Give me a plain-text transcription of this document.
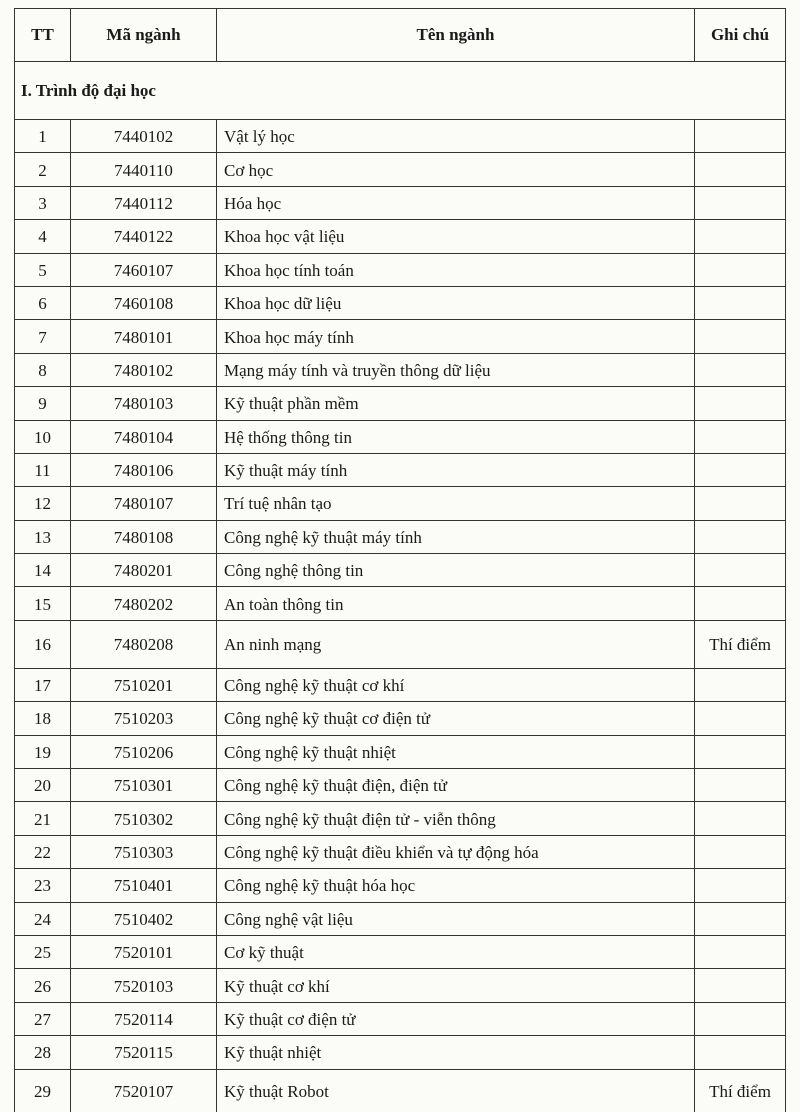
TT	Mã ngành	Tên ngành	Ghi chú
I. Trình độ đại học			
1	7440102	Vật lý học	
2	7440110	Cơ học	
3	7440112	Hóa học	
4	7440122	Khoa học vật liệu	
5	7460107	Khoa học tính toán	
6	7460108	Khoa học dữ liệu	
7	7480101	Khoa học máy tính	
8	7480102	Mạng máy tính và truyền thông dữ liệu	
9	7480103	Kỹ thuật phần mềm	
10	7480104	Hệ thống thông tin	
11	7480106	Kỹ thuật máy tính	
12	7480107	Trí tuệ nhân tạo	
13	7480108	Công nghệ kỹ thuật máy tính	
14	7480201	Công nghệ thông tin	
15	7480202	An toàn thông tin	
16	7480208	An ninh mạng	Thí điểm
17	7510201	Công nghệ kỹ thuật cơ khí	
18	7510203	Công nghệ kỹ thuật cơ điện tử	
19	7510206	Công nghệ kỹ thuật nhiệt	
20	7510301	Công nghệ kỹ thuật điện, điện tử	
21	7510302	Công nghệ kỹ thuật điện tử - viễn thông	
22	7510303	Công nghệ kỹ thuật điều khiển và tự động hóa	
23	7510401	Công nghệ kỹ thuật hóa học	
24	7510402	Công nghệ vật liệu	
25	7520101	Cơ kỹ thuật	
26	7520103	Kỹ thuật cơ khí	
27	7520114	Kỹ thuật cơ điện tử	
28	7520115	Kỹ thuật nhiệt	
29	7520107	Kỹ thuật Robot	Thí điểm
